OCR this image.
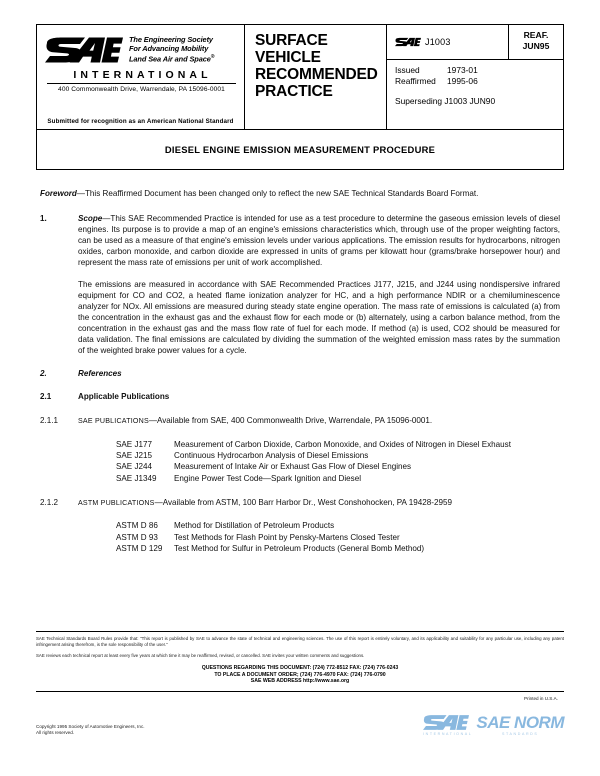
The Engineering Society
For Advancing Mobility
Land Sea Air and Space®
INTERNATIONAL
400 Commonwealth Drive, Warrendale, PA 15096-0001
Submitted for recognition as an American National Standard
SURFACE
VEHICLE
RECOMMENDED
PRACTICE
J1003
REAF.
JUN95
Issued	1973-01
Reaffirmed	1995-06
Superseding J1003 JUN90
DIESEL ENGINE EMISSION MEASUREMENT PROCEDURE
Foreword—This Reaffirmed Document has been changed only to reflect the new SAE Technical Standards Board Format.
1.	Scope—This SAE Recommended Practice is intended for use as a test procedure to determine the gaseous emission levels of diesel engines. Its purpose is to provide a map of an engine's emissions characteristics which, through use of the proper weighting factors, can be used as a measure of that engine's emission levels under various applications. The emission results for hydrocarbons, nitrogen oxides, carbon monoxide, and carbon dioxide are expressed in units of grams per kilowatt hour (grams/brake horsepower hour) and represent the mass rate of emissions per unit of work accomplished.
The emissions are measured in accordance with SAE Recommended Practices J177, J215, and J244 using nondispersive infrared equipment for CO and CO2, a heated flame ionization analyzer for HC, and a high performance NDIR or a chemiluminescence analyzer for NOx. All emissions are measured during steady state engine operation. The mass rate of emissions is calculated (a) from the concentration in the exhaust gas and the exhaust flow for each mode or (b) alternately, using a carbon balance method, from the concentration in the exhaust gas and the mass flow rate of fuel for each mode. If method (a) is used, CO2 should be measured for data validation. The final emissions are calculated by dividing the summation of the weighted emission mass rates by the summation of the weighted brake power values for a cycle.
2.	References
2.1	Applicable Publications
2.1.1	SAE PUBLICATIONS—Available from SAE, 400 Commonwealth Drive, Warrendale, PA 15096-0001.
SAE J177	Measurement of Carbon Dioxide, Carbon Monoxide, and Oxides of Nitrogen in Diesel Exhaust
SAE J215	Continuous Hydrocarbon Analysis of Diesel Emissions
SAE J244	Measurement of Intake Air or Exhaust Gas Flow of Diesel Engines
SAE J1349	Engine Power Test Code—Spark Ignition and Diesel
2.1.2	ASTM PUBLICATIONS—Available from ASTM, 100 Barr Harbor Dr., West Conshohocken, PA 19428-2959
ASTM D 86	Method for Distillation of Petroleum Products
ASTM D 93	Test Methods for Flash Point by Pensky-Martens Closed Tester
ASTM D 129	Test Method for Sulfur in Petroleum Products (General Bomb Method)
SAE Technical Standards Board Rules provide that: "This report is published by SAE to advance the state of technical and engineering sciences. The use of this report is entirely voluntary, and its applicability and suitability for any particular use, including any patent infringement arising therefrom, is the sole responsibility of the user."
SAE reviews each technical report at least every five years at which time it may be reaffirmed, revised, or cancelled. SAE invites your written comments and suggestions.
QUESTIONS REGARDING THIS DOCUMENT: (724) 772-8512 FAX: (724) 776-0243
TO PLACE A DOCUMENT ORDER; (724) 776-4970 FAX: (724) 776-0790
SAE WEB ADDRESS http://www.sae.org
Copyright 1995 Society of Automotive Engineers, Inc.
All rights reserved.
Printed in U.S.A.
INTERNATIONAL
SAE NORM
STANDARDS
